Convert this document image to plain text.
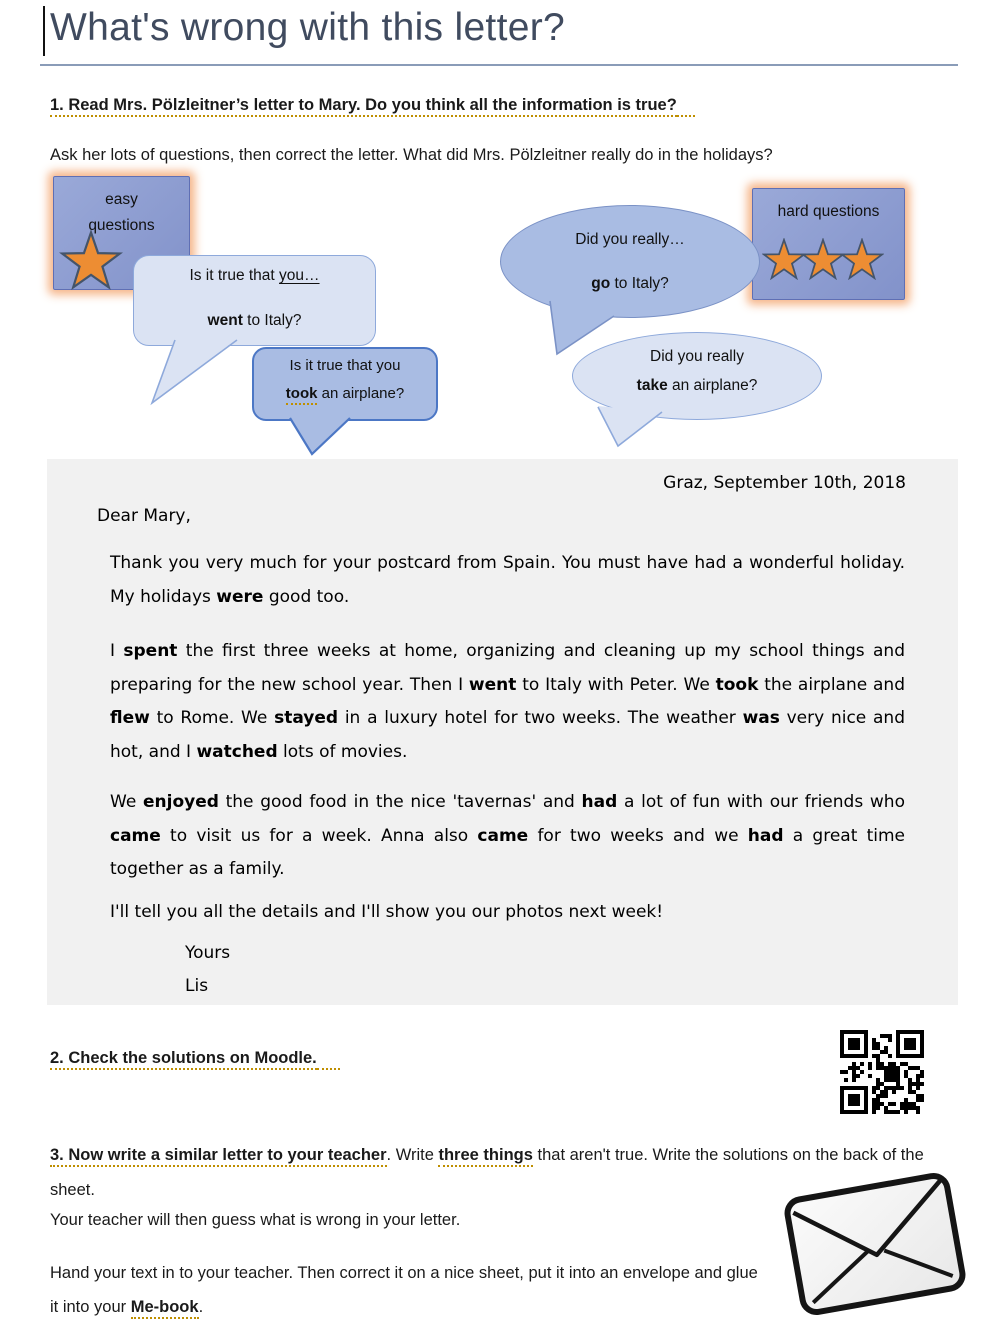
What's wrong with this letter?
1. Read Mrs. Pölzleitner’s letter to Mary. Do you think all the information is true?
Ask her lots of questions, then correct the letter. What did Mrs. Pölzleitner really do in the holidays?
easy
questions
hard questions
Is it true that you…
went to Italy?
Is it true that you
took an airplane?
Did you really…
go to Italy?
Did you really
take an airplane?
Graz, September 10th, 2018
Dear Mary,
Thank you very much for your postcard from Spain. You must have had a wonderful holiday. My holidays were good too.
I spent the first three weeks at home, organizing and cleaning up my school things and preparing for the new school year. Then I went to Italy with Peter. We took the airplane and flew to Rome. We stayed in a luxury hotel for two weeks. The weather was very nice and hot, and I watched lots of movies.
We enjoyed the good food in the nice 'tavernas' and had a lot of fun with our friends who came to visit us for a week. Anna also came for two weeks and we had a great time together as a family.
I'll tell you all the details and I'll show you our photos next week!
Yours
Lis
2. Check the solutions on Moodle.
3. Now write a similar letter to your teacher. Write three things that aren't true. Write the solutions on the back of the sheet.
Your teacher will then guess what is wrong in your letter.
Hand your text in to your teacher. Then correct it on a nice sheet, put it into an envelope and glue it into your Me-book.
